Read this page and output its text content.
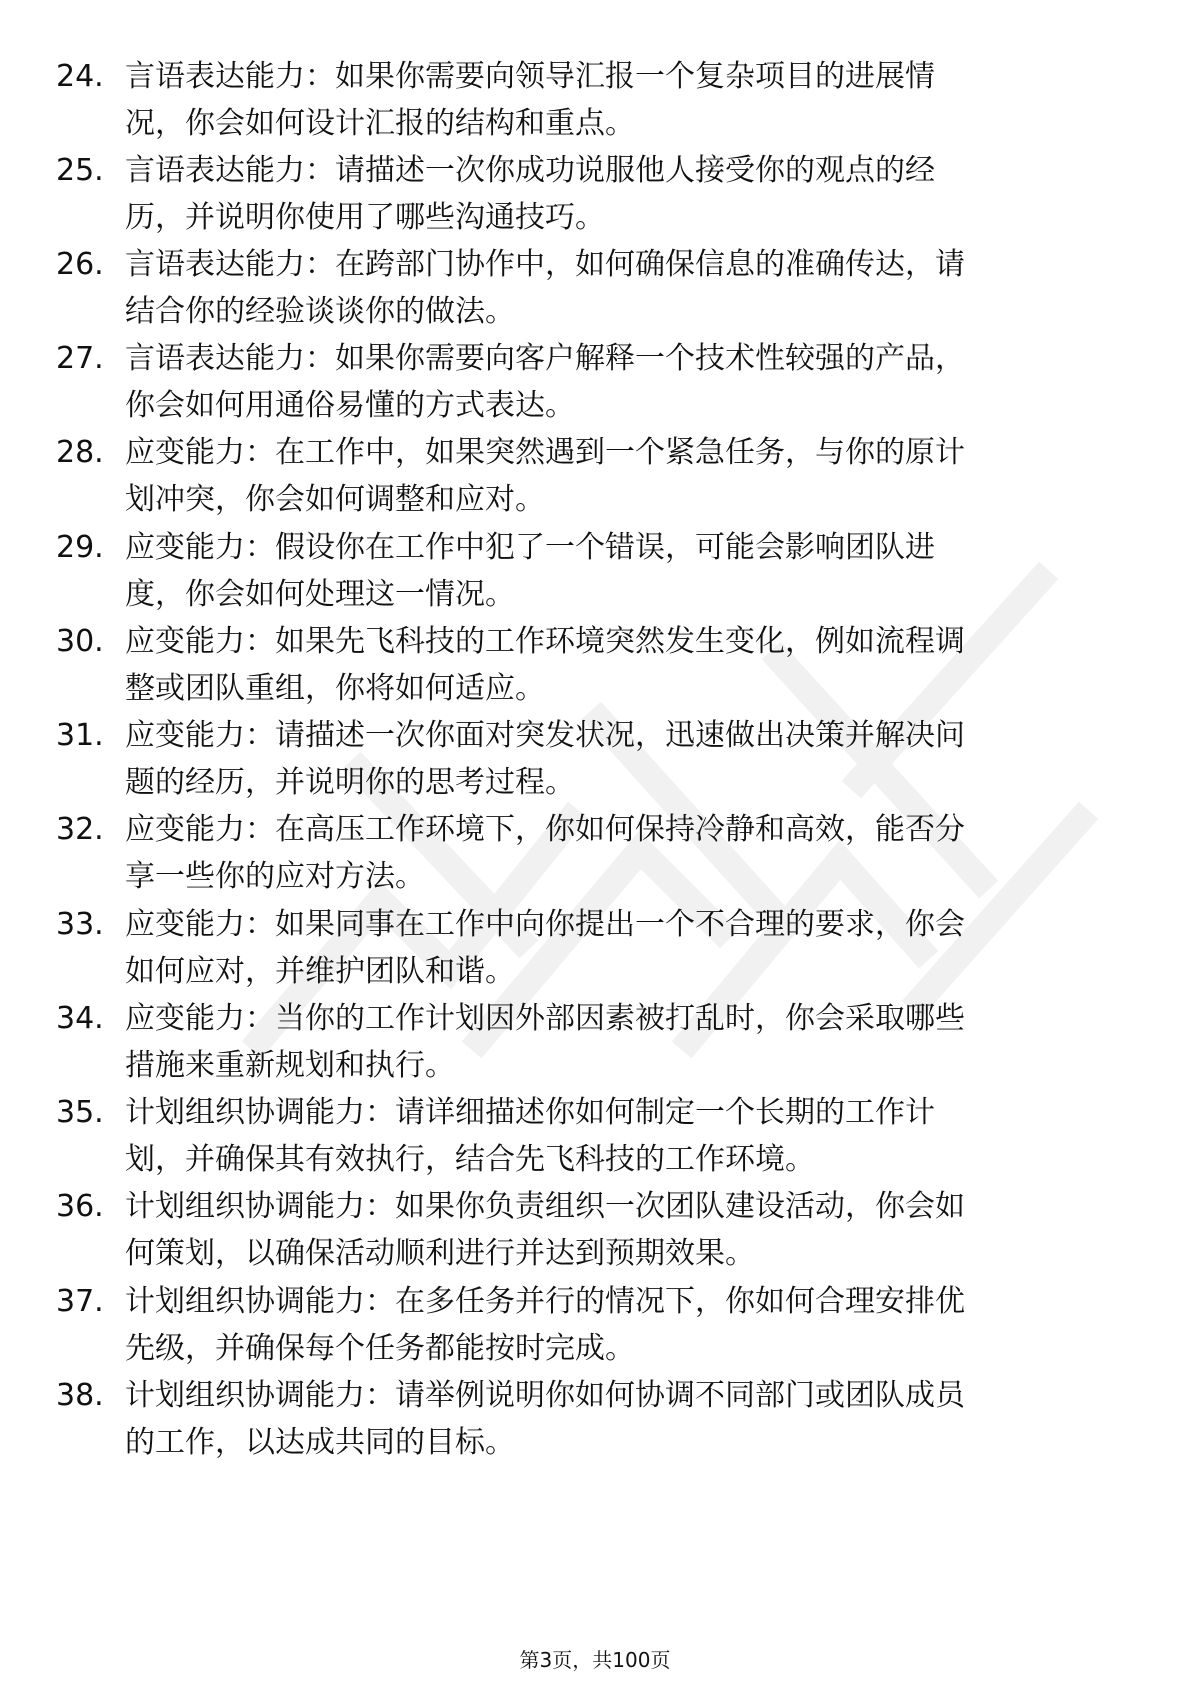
24. 言语表达能力：如果你需要向领导汇报一个复杂项目的进展情
况，你会如何设计汇报的结构和重点。
25. 言语表达能力：请描述一次你成功说服他人接受你的观点的经
历，并说明你使用了哪些沟通技巧。
26. 言语表达能力：在跨部门协作中，如何确保信息的准确传达，请
结合你的经验谈谈你的做法。
27. 言语表达能力：如果你需要向客户解释一个技术性较强的产品，
你会如何用通俗易懂的方式表达。
28. 应变能力：在工作中，如果突然遇到一个紧急任务，与你的原计
划冲突，你会如何调整和应对。
29. 应变能力：假设你在工作中犯了一个错误，可能会影响团队进
度，你会如何处理这一情况。
30. 应变能力：如果先飞科技的工作环境突然发生变化，例如流程调
整或团队重组，你将如何适应。
31. 应变能力：请描述一次你面对突发状况，迅速做出决策并解决问
题的经历，并说明你的思考过程。
32. 应变能力：在高压工作环境下，你如何保持冷静和高效，能否分
享一些你的应对方法。
33. 应变能力：如果同事在工作中向你提出一个不合理的要求，你会
如何应对，并维护团队和谐。
34. 应变能力：当你的工作计划因外部因素被打乱时，你会采取哪些
措施来重新规划和执行。
35. 计划组织协调能力：请详细描述你如何制定一个长期的工作计
划，并确保其有效执行，结合先飞科技的工作环境。
36. 计划组织协调能力：如果你负责组织一次团队建设活动，你会如
何策划，以确保活动顺利进行并达到预期效果。
37. 计划组织协调能力：在多任务并行的情况下，你如何合理安排优
先级，并确保每个任务都能按时完成。
38. 计划组织协调能力：请举例说明你如何协调不同部门或团队成员
的工作，以达成共同的目标。
第3页，共100页
